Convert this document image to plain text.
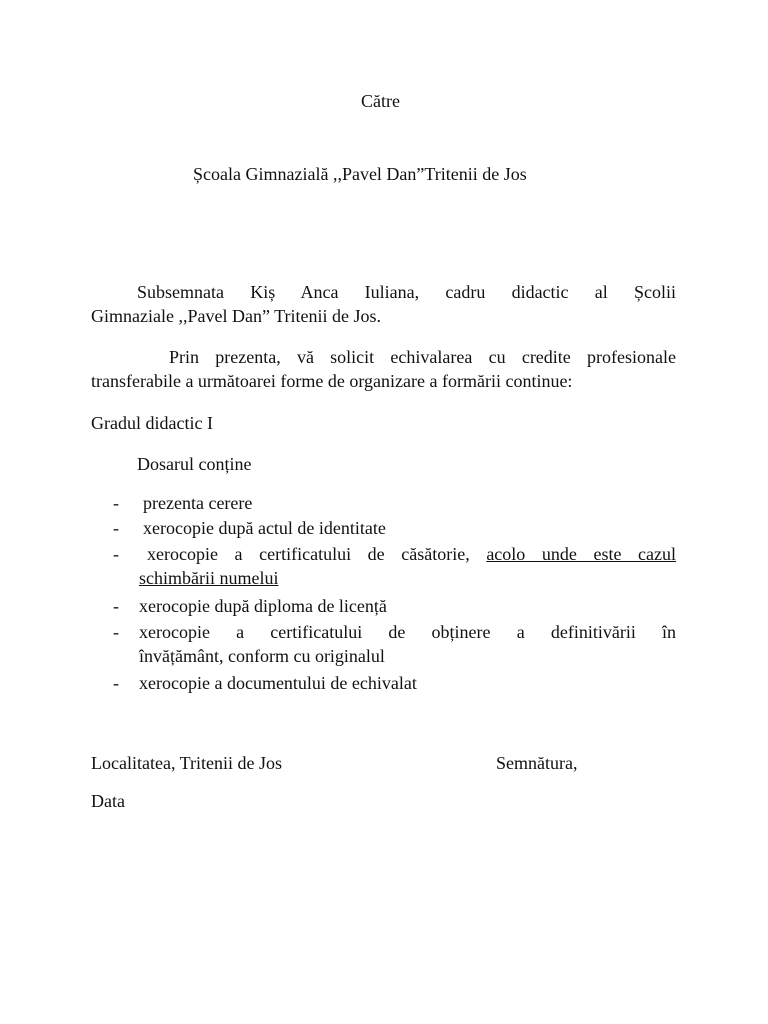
Către
Școala Gimnazială ,,Pavel Dan”Tritenii de Jos
Subsemnata Kiș Anca Iuliana, cadru didactic al Școlii
Gimnaziale ,,Pavel Dan” Tritenii de Jos.
Prin prezenta, vă solicit echivalarea cu credite profesionale
transferabile a următoarei forme de organizare a formării continue:
Gradul didactic I
Dosarul conține
- prezenta cerere
- xerocopie după actul de identitate
-	xerocopie a certificatului de căsătorie, acolo unde este cazul
schimbării numelui
- xerocopie după diploma de licență
- xerocopie a certificatului de obținere a definitivării în
învățământ, conform cu originalul
- xerocopie a documentului de echivalat
Localitatea, Tritenii de Jos	Semnătura,
Data
